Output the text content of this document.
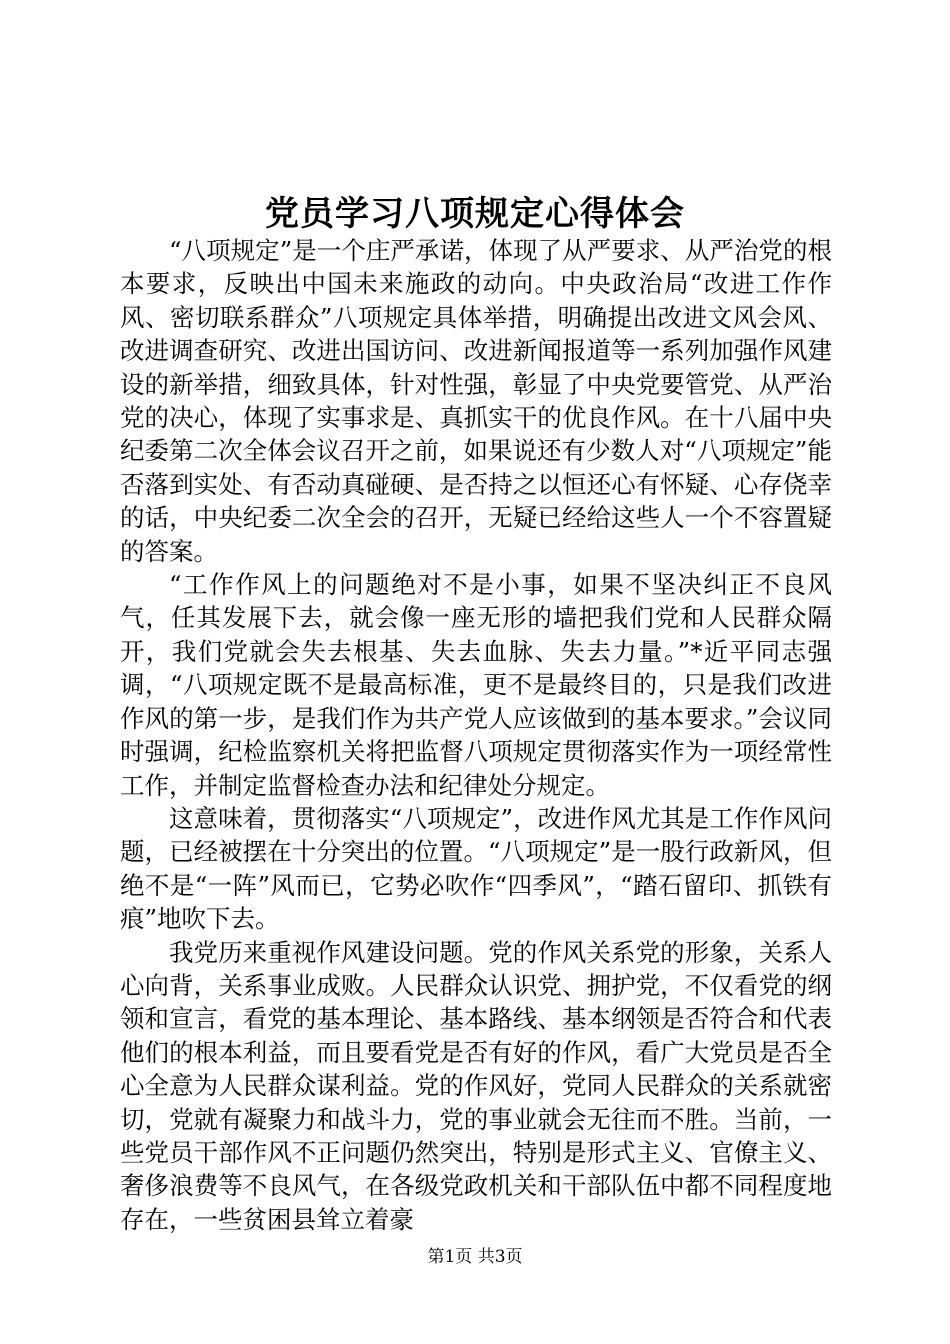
党员学习八项规定心得体会

“八项规定”是一个庄严承诺，体现了从严要求、从严治党的根本要求，反映出中国未来施政的动向。中央政治局“改进工作作风、密切联系群众”八项规定具体举措，明确提出改进文风会风、改进调查研究、改进出国访问、改进新闻报道等一系列加强作风建设的新举措，细致具体，针对性强，彰显了中央党要管党、从严治党的决心，体现了实事求是、真抓实干的优良作风。在十八届中央纪委第二次全体会议召开之前，如果说还有少数人对“八项规定”能否落到实处、有否动真碰硬、是否持之以恒还心有怀疑、心存侥幸的话，中央纪委二次全会的召开，无疑已经给这些人一个不容置疑的答案。

“工作作风上的问题绝对不是小事，如果不坚决纠正不良风气，任其发展下去，就会像一座无形的墙把我们党和人民群众隔开，我们党就会失去根基、失去血脉、失去力量。”*近平同志强调，“八项规定既不是最高标准，更不是最终目的，只是我们改进作风的第一步，是我们作为共产党人应该做到的基本要求。”会议同时强调，纪检监察机关将把监督八项规定贯彻落实作为一项经常性工作，并制定监督检查办法和纪律处分规定。

这意味着，贯彻落实“八项规定”，改进作风尤其是工作作风问题，已经被摆在十分突出的位置。“八项规定”是一股行政新风，但绝不是“一阵”风而已，它势必吹作“四季风”，“踏石留印、抓铁有痕”地吹下去。

我党历来重视作风建设问题。党的作风关系党的形象，关系人心向背，关系事业成败。人民群众认识党、拥护党，不仅看党的纲领和宣言，看党的基本理论、基本路线、基本纲领是否符合和代表他们的根本利益，而且要看党是否有好的作风，看广大党员是否全心全意为人民群众谋利益。党的作风好，党同人民群众的关系就密切，党就有凝聚力和战斗力，党的事业就会无往而不胜。当前，一些党员干部作风不正问题仍然突出，特别是形式主义、官僚主义、奢侈浪费等不良风气，在各级党政机关和干部队伍中都不同程度地存在，一些贫困县耸立着豪

第1页 共3页
